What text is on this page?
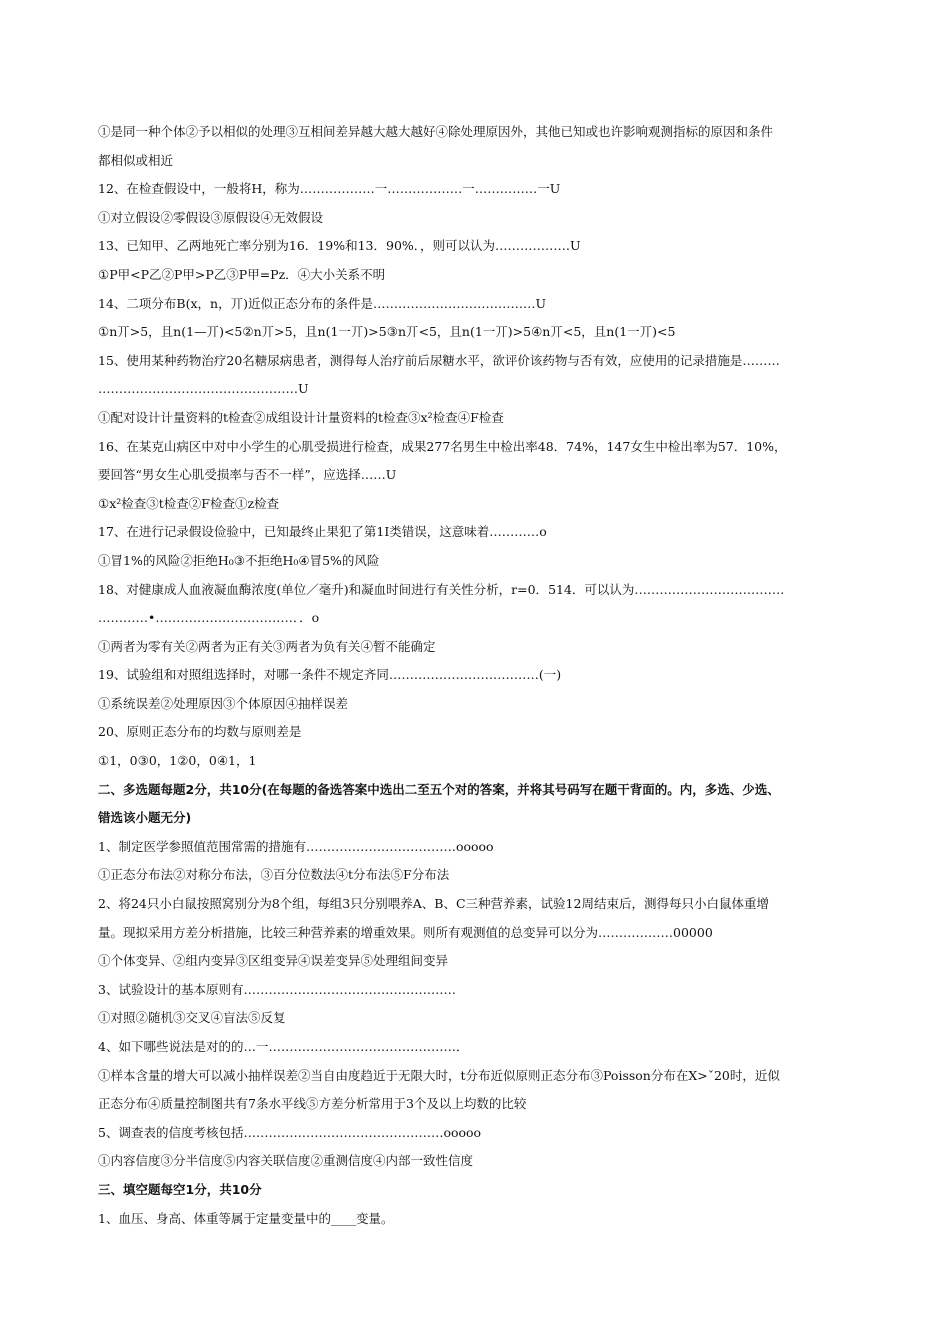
①是同一种个体②予以相似的处理③互相间差异越大越大越好④除处理原因外，其他已知或也许影响观测指标的原因和条件
都相似或相近
12、在检查假设中，一般将H，称为………………一………………一……………一U
①对立假设②零假设③原假设④无效假设
13、已知甲、乙两地死亡率分别为16．19%和13．90%．，则可以认为………………U
①P甲<P乙②P甲>P乙③P甲=Pz．④大小关系不明
14、二项分布B(x，n，丌)近似正态分布的条件是…………………………………U
①n丌>5，且n(1—丌)<5②n丌>5，且n(1一丌)>5③n丌<5，且n(1一丌)>5④n丌<5，且n(1一丌)<5
15、使用某种药物治疗20名糖尿病患者，测得每人治疗前后尿糖水平，欲评价该药物与否有效，应使用的记录措施是………
…………………………………………U
①配对设计计量资料的t检查②成组设计计量资料的t检查③x²检查④F检查
16、在某克山病区中对中小学生的心肌受损进行检查，成果277名男生中检出率48．74%，147女生中检出率为57．10%，
要回答“男女生心肌受损率与否不一样”，应选择……U
①x²检查③t检查②F检查①z检查
17、在进行记录假设俭验中，已知最终止果犯了第1I类错误，这意味着…………o
①冒1%的风险②拒绝H₀③不拒绝H₀④冒5%的风险
18、对健康成人血液凝血酶浓度(单位／毫升)和凝血时间进行有关性分析，r=0．514．可以认为………………………………
…………•……………………………．．o
①两者为零有关②两者为正有关③两者为负有关④暂不能确定
19、试验组和对照组选择时，对哪一条件不规定齐同………………………………(一)
①系统误差②处理原因③个体原因④抽样误差
20、原则正态分布的均数与原则差是
①1，0③0，1②0，0④1，1
二、多选题每题2分，共10分(在每题的备选答案中选出二至五个对的答案，并将其号码写在题干背面的。内，多选、少选、
错选该小题无分)
1、制定医学参照值范围常需的措施有………………………………ooooo
①正态分布法②对称分布法，③百分位数法④t分布法⑤F分布法
2、将24只小白鼠按照窝别分为8个组，每组3只分别喂养A、B、C三种营养素，试验12周结束后，测得每只小白鼠体重增
量。现拟采用方差分析措施，比较三种营养素的增重效果。则所有观测值的总变异可以分为………………00000
①个体变异、②组内变异③区组变异④误差变异⑤处理组间变异
3、试验设计的基本原则有……………………………………………
①对照②随机③交叉④盲法⑤反复
4、如下哪些说法是对的的…一………………………………………．
①样本含量的增大可以减小抽样误差②当自由度趋近于无限大时，t分布近似原则正态分布③Poisson分布在X>ˇ20时，近似
正态分布④质量控制图共有7条水平线⑤方差分析常用于3个及以上均数的比较
5、调查表的信度考核包括…………………………………………ooooo
①内容信度③分半信度⑤内容关联信度②重测信度④内部一致性信度
三、填空题每空1分，共10分
1、血压、身高、体重等属于定量变量中的____变量。
